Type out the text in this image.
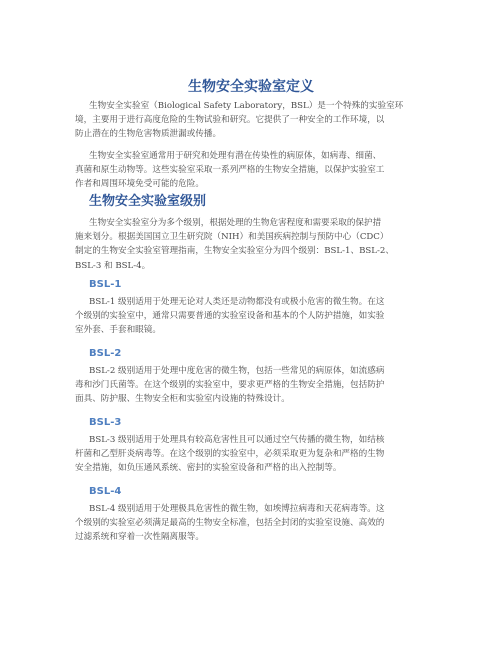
生物安全实验室定义
生物安全实验室（Biological Safety Laboratory，BSL）是一个特殊的实验室环
境，主要用于进行高度危险的生物试验和研究。它提供了一种安全的工作环境，以
防止潜在的生物危害物质泄漏或传播。
生物安全实验室通常用于研究和处理有潜在传染性的病原体，如病毒、细菌、
真菌和原生动物等。这些实验室采取一系列严格的生物安全措施，以保护实验室工
作者和周围环境免受可能的危险。
生物安全实验室级别
生物安全实验室分为多个级别，根据处理的生物危害程度和需要采取的保护措
施来划分。根据美国国立卫生研究院（NIH）和美国疾病控制与预防中心（CDC）
制定的生物安全实验室管理指南，生物安全实验室分为四个级别：BSL-1、BSL-2、
BSL-3 和 BSL-4。
BSL-1
BSL-1 级别适用于处理无论对人类还是动物都没有或极小危害的微生物。在这
个级别的实验室中，通常只需要普通的实验室设备和基本的个人防护措施，如实验
室外套、手套和眼镜。
BSL-2
BSL-2 级别适用于处理中度危害的微生物，包括一些常见的病原体，如流感病
毒和沙门氏菌等。在这个级别的实验室中，要求更严格的生物安全措施，包括防护
面具、防护服、生物安全柜和实验室内设施的特殊设计。
BSL-3
BSL-3 级别适用于处理具有较高危害性且可以通过空气传播的微生物，如结核
杆菌和乙型肝炎病毒等。在这个级别的实验室中，必须采取更为复杂和严格的生物
安全措施，如负压通风系统、密封的实验室设备和严格的出入控制等。
BSL-4
BSL-4 级别适用于处理极具危害性的微生物，如埃博拉病毒和天花病毒等。这
个级别的实验室必须满足最高的生物安全标准，包括全封闭的实验室设施、高效的
过滤系统和穿着一次性隔离服等。
